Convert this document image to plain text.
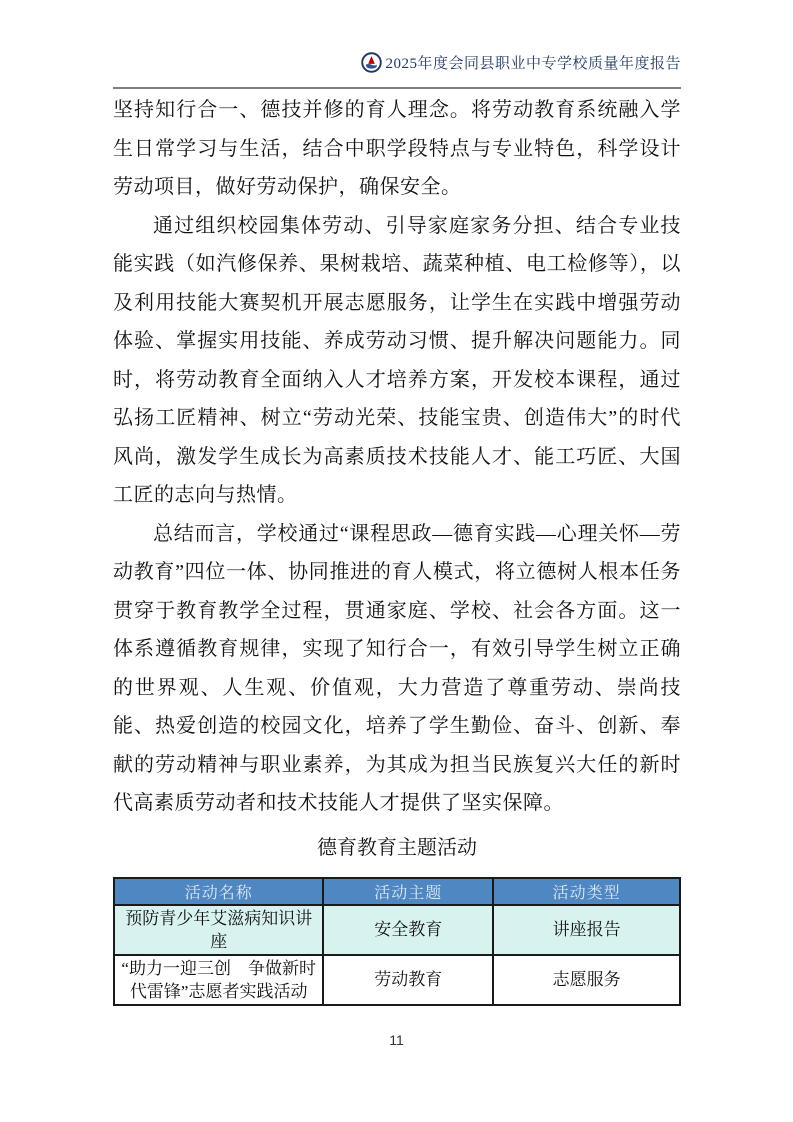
2025年度会同县职业中专学校质量年度报告

坚持知行合一、德技并修的育人理念。将劳动教育系统融入学生日常学习与生活，结合中职学段特点与专业特色，科学设计劳动项目，做好劳动保护，确保安全。

通过组织校园集体劳动、引导家庭家务分担、结合专业技能实践（如汽修保养、果树栽培、蔬菜种植、电工检修等），以及利用技能大赛契机开展志愿服务，让学生在实践中增强劳动体验、掌握实用技能、养成劳动习惯、提升解决问题能力。同时，将劳动教育全面纳入人才培养方案，开发校本课程，通过弘扬工匠精神、树立“劳动光荣、技能宝贵、创造伟大”的时代风尚，激发学生成长为高素质技术技能人才、能工巧匠、大国工匠的志向与热情。

总结而言，学校通过“课程思政—德育实践—心理关怀—劳动教育”四位一体、协同推进的育人模式，将立德树人根本任务贯穿于教育教学全过程，贯通家庭、学校、社会各方面。这一体系遵循教育规律，实现了知行合一，有效引导学生树立正确的世界观、人生观、价值观，大力营造了尊重劳动、崇尚技能、热爱创造的校园文化，培养了学生勤俭、奋斗、创新、奉献的劳动精神与职业素养，为其成为担当民族复兴大任的新时代高素质劳动者和技术技能人才提供了坚实保障。

德育教育主题活动
活动名称	活动主题	活动类型
预防青少年艾滋病知识讲座	安全教育	讲座报告
“助力一迎三创　争做新时代雷锋”志愿者实践活动	劳动教育	志愿服务
11
